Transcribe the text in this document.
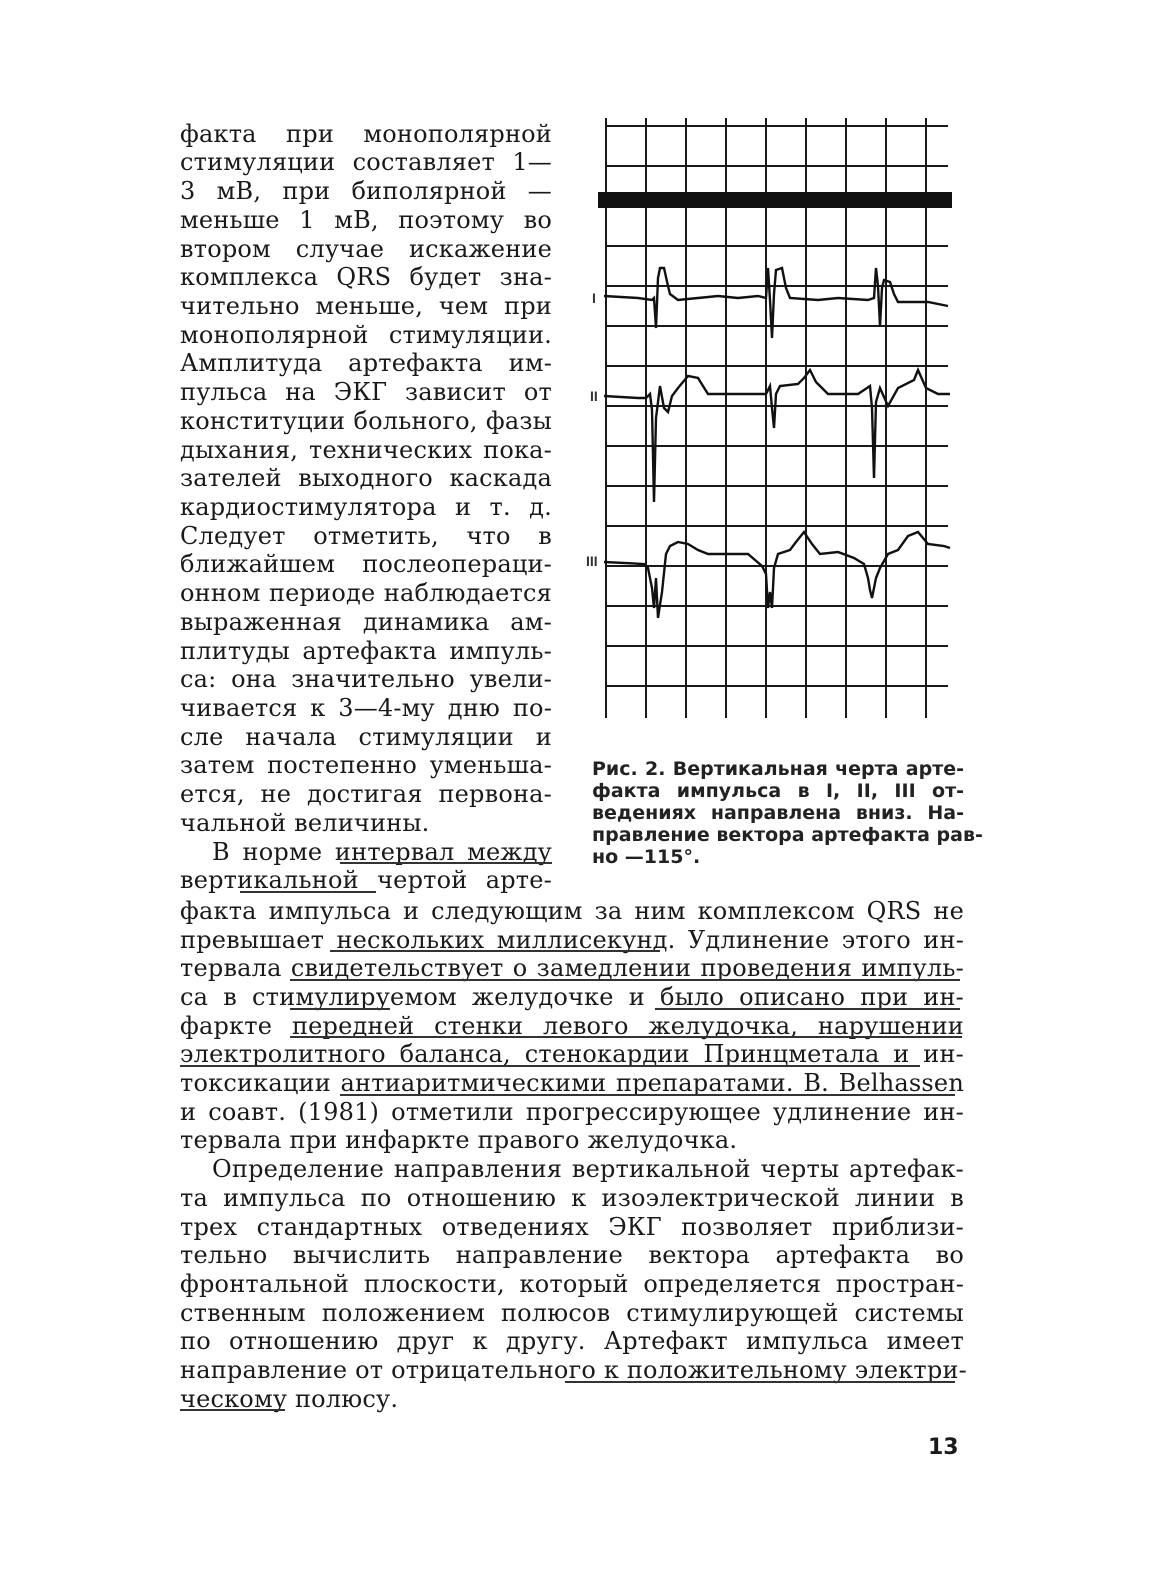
факта при монополярной
стимуляции составляет 1—
3 мВ, при биполярной —
меньше 1 мВ, поэтому во
втором случае искажение
комплекса QRS будет зна-
чительно меньше, чем при
монополярной стимуляции.
Амплитуда артефакта им-
пульса на ЭКГ зависит от
конституции больного, фазы
дыхания, технических пока-
зателей выходного каскада
кардиостимулятора и т. д.
Следует отметить, что в
ближайшем послеопераци-
онном периоде наблюдается
выраженная динамика ам-
плитуды артефакта импуль-
са: она значительно увели-
чивается к 3—4-му дню по-
сле начала стимуляции и
затем постепенно уменьша-
ется, не достигая первона-
чальной величины.
В норме интервал между
вертикальной чертой арте-
I
II
III
Рис. 2. Вертикальная черта арте-
факта импульса в I, II, III от-
ведениях направлена вниз. На-
правление вектора артефакта рав-
но —115°.
факта импульса и следующим за ним комплексом QRS не
превышает нескольких миллисекунд. Удлинение этого ин-
тервала свидетельствует о замедлении проведения импуль-
са в стимулируемом желудочке и было описано при ин-
фаркте передней стенки левого желудочка, нарушении
электролитного баланса, стенокардии Принцметала и ин-
токсикации антиаритмическими препаратами. B. Belhassen
и соавт. (1981) отметили прогрессирующее удлинение ин-
тервала при инфаркте правого желудочка.
Определение направления вертикальной черты артефак-
та импульса по отношению к изоэлектрической линии в
трех стандартных отведениях ЭКГ позволяет приблизи-
тельно вычислить направление вектора артефакта во
фронтальной плоскости, который определяется простран-
ственным положением полюсов стимулирующей системы
по отношению друг к другу. Артефакт импульса имеет
направление от отрицательного к положительному электри-
ческому полюсу.
13
